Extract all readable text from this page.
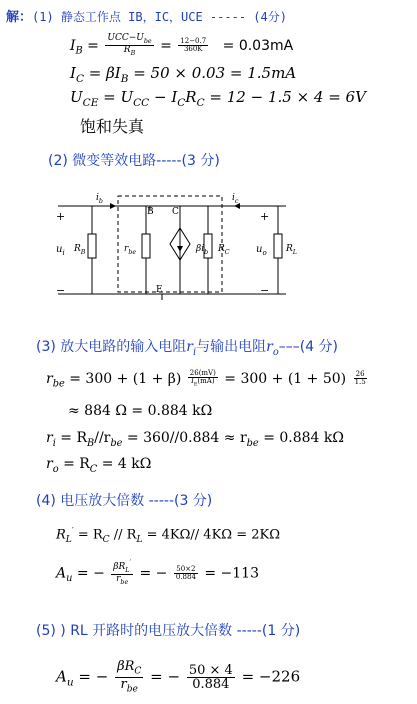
解：(1) 静态工作点 IB，IC，UCE ----- (4分)
$I_B = \frac{UCC-U_{be}}{R_B} = \frac{12-0.7}{360K} = 0.03mA$
$I_C = \beta I_B = 50 \times 0.03 = 1.5mA$
$U_{CE} = U_{CC} - I_CR_C = 12 - 1.5 \times 4 = 6V$
饱和失真
(2) 微变等效电路-----(3 分)
$i_b$	$i_c$
B C
E
+
−
+
−
$u_i$ $R_B$	$r_{be}$	$\beta i_b$ $R_C$	$u_o$ $R_L$
(3) 放大电路的输入电阻$r_i$与输出电阻$r_o---(4$ 分)
$r_{be} = 300 + (1 + \beta) \frac{26(mV)}{I_E(mA)} = 300 + (1 + 50) \frac{26}{1.5}$
≈ 884 Ω = 0.884 kΩ
$r_i = R_B//r_{be} = 360//0.884 \approx r_{be} = 0.884$ kΩ
$r_o = R_C = 4$ kΩ
(4) 电压放大倍数 -----(3 分)
$R_L' = R_C // R_L = 4K\Omega//$ 4KΩ = 2KΩ
$A_u$ = − $\frac{\beta R_L'}{r_{be}}$ = − $\frac{50\times 2}{0.884} = -113$
(5) ) RL 开路时的电压放大倍数 -----(1 分)
$A_u$ = − $\frac{\beta R_C}{r_{be}}$ = − $\frac{50 \times 4}{0.884} = -226$
